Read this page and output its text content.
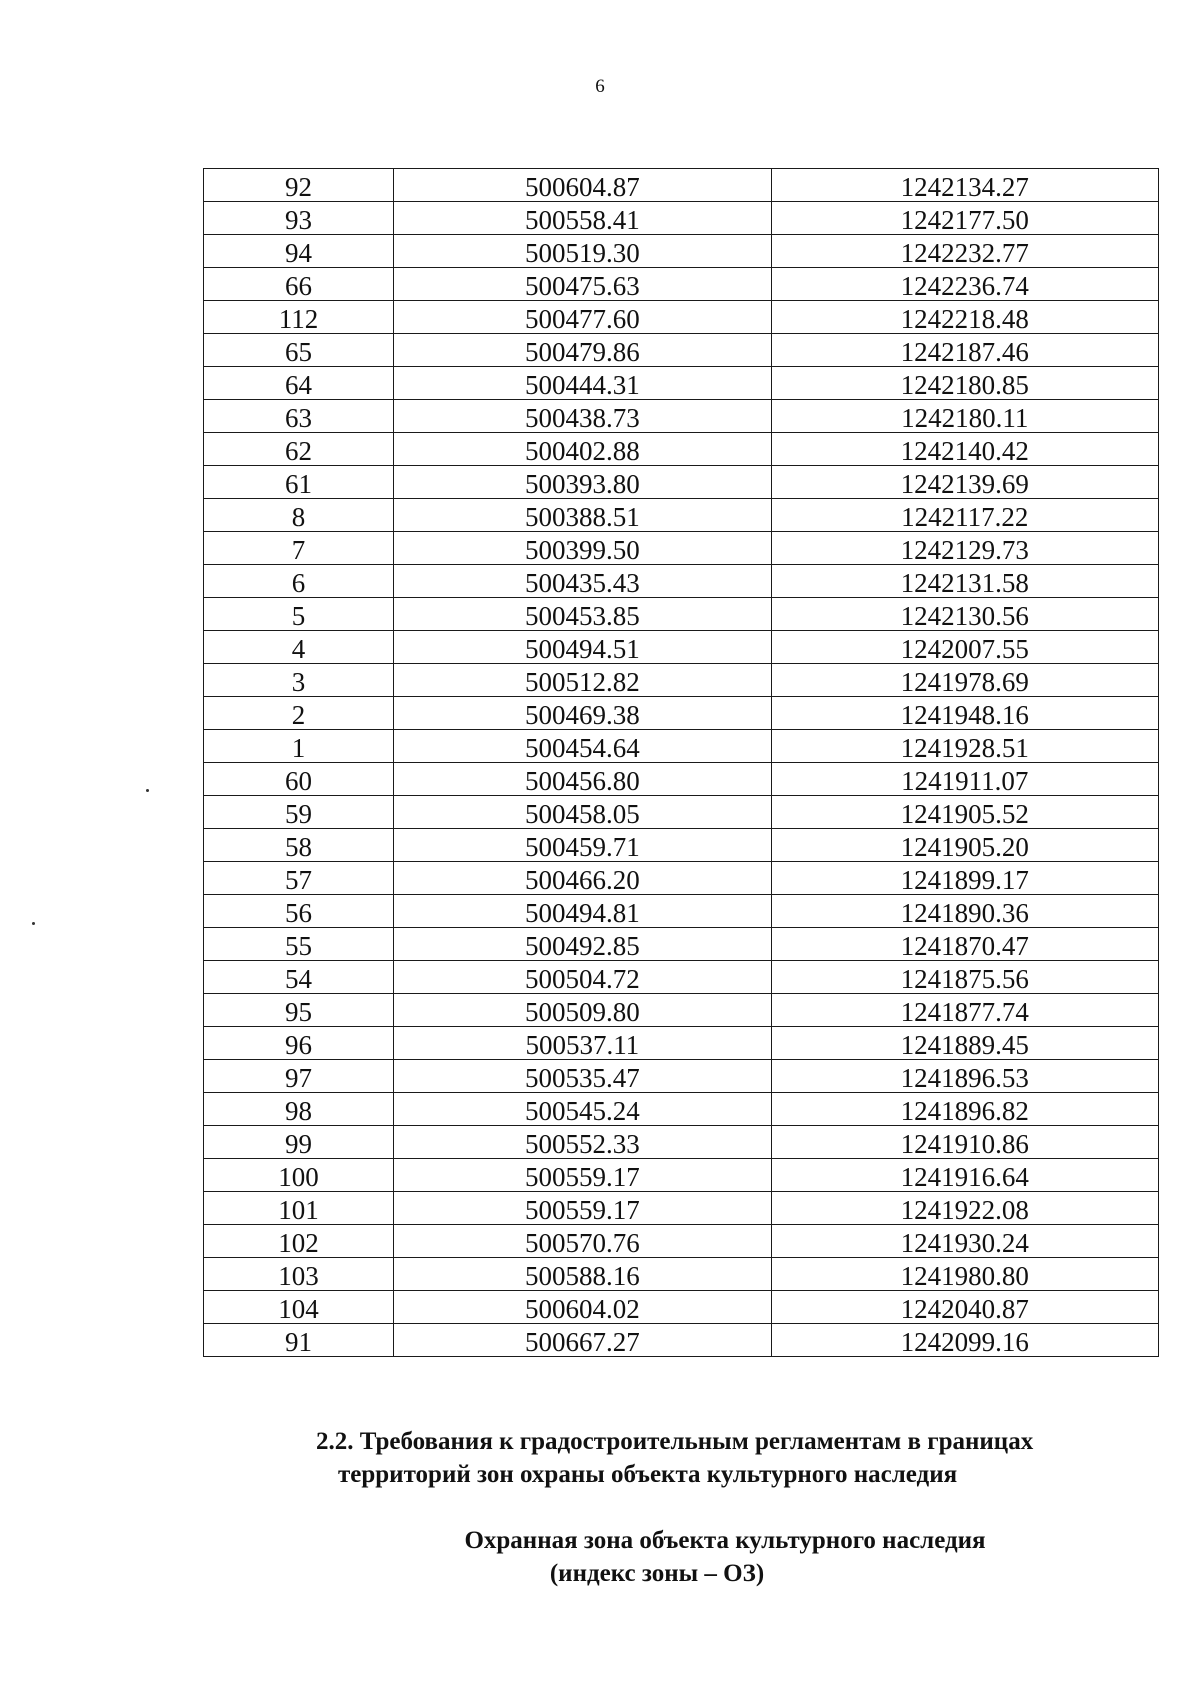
6
92	500604.87	1242134.27
93	500558.41	1242177.50
94	500519.30	1242232.77
66	500475.63	1242236.74
112	500477.60	1242218.48
65	500479.86	1242187.46
64	500444.31	1242180.85
63	500438.73	1242180.11
62	500402.88	1242140.42
61	500393.80	1242139.69
8	500388.51	1242117.22
7	500399.50	1242129.73
6	500435.43	1242131.58
5	500453.85	1242130.56
4	500494.51	1242007.55
3	500512.82	1241978.69
2	500469.38	1241948.16
1	500454.64	1241928.51
60	500456.80	1241911.07
59	500458.05	1241905.52
58	500459.71	1241905.20
57	500466.20	1241899.17
56	500494.81	1241890.36
55	500492.85	1241870.47
54	500504.72	1241875.56
95	500509.80	1241877.74
96	500537.11	1241889.45
97	500535.47	1241896.53
98	500545.24	1241896.82
99	500552.33	1241910.86
100	500559.17	1241916.64
101	500559.17	1241922.08
102	500570.76	1241930.24
103	500588.16	1241980.80
104	500604.02	1242040.87
91	500667.27	1242099.16
2.2. Требования к градостроительным регламентам в границах
территорий зон охраны объекта культурного наследия
Охранная зона объекта культурного наследия
(индекс зоны – ОЗ)
